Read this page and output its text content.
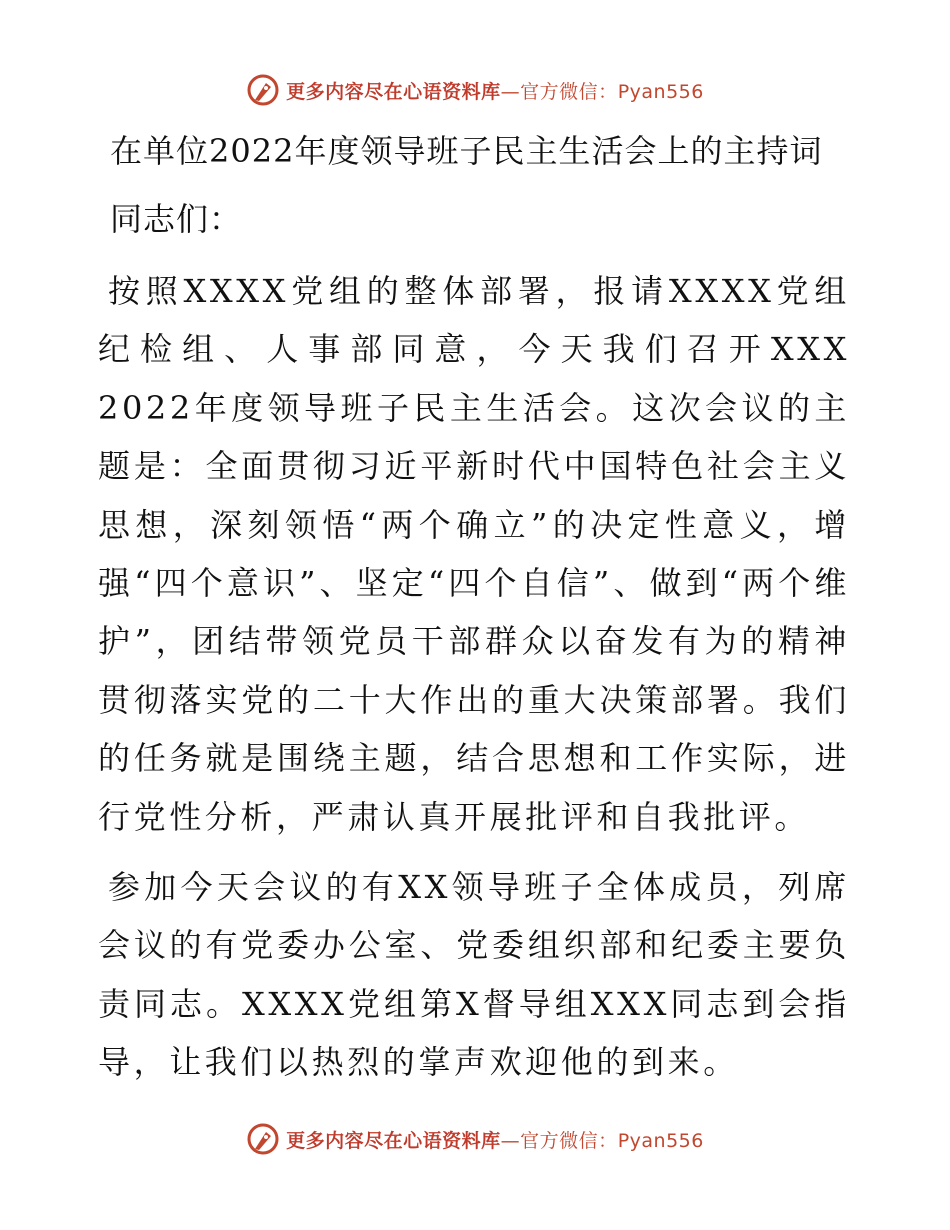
更多内容尽在心语资料库—官方微信：Pyan556
在单位2022年度领导班子民主生活会上的主持词
同志们：
按照XXXX党组的整体部署，报请XXXX党组纪检组、人事部同意，今天我们召开XXX 2022年度领导班子民主生活会。这次会议的主题是：全面贯彻习近平新时代中国特色社会主义思想，深刻领悟“两个确立”的决定性意义，增强“四个意识”、坚定“四个自信”、做到“两个维护”，团结带领党员干部群众以奋发有为的精神贯彻落实党的二十大作出的重大决策部署。我们的任务就是围绕主题，结合思想和工作实际，进行党性分析，严肃认真开展批评和自我批评。
参加今天会议的有XX领导班子全体成员，列席会议的有党委办公室、党委组织部和纪委主要负责同志。XXXX党组第X督导组XXX同志到会指导，让我们以热烈的掌声欢迎他的到来。
更多内容尽在心语资料库—官方微信：Pyan556
